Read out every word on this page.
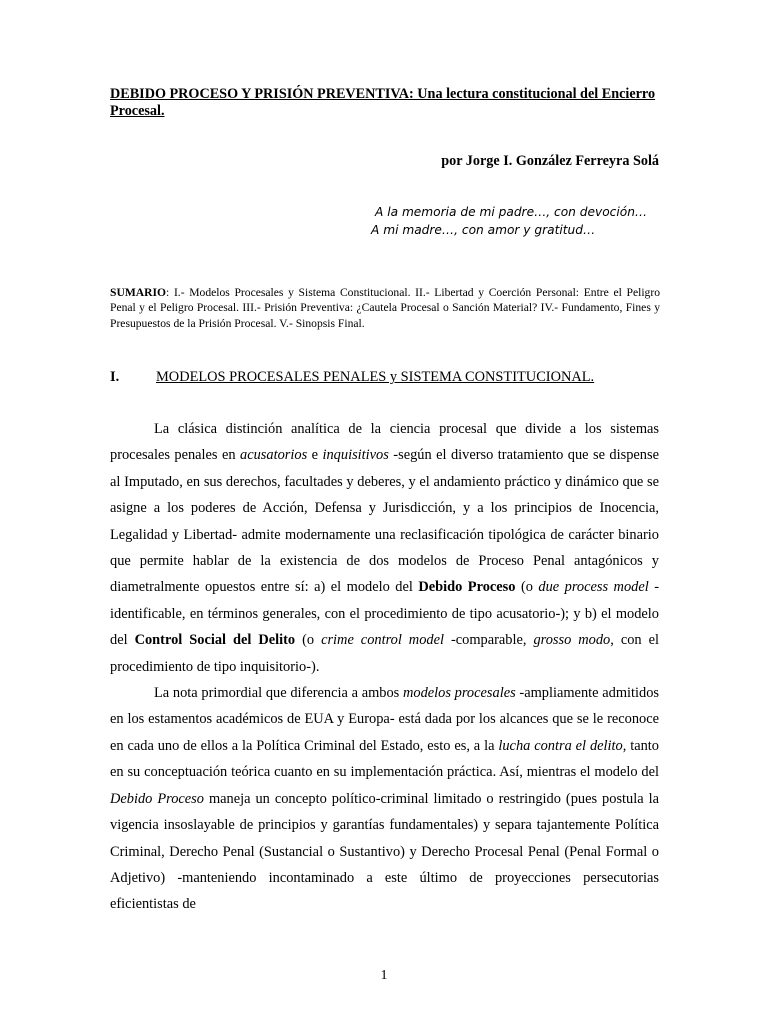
DEBIDO PROCESO Y PRISIÓN PREVENTIVA: Una lectura constitucional del Encierro Procesal.
por Jorge I. González Ferreyra Solá
A la memoria de mi padre…, con devoción…
A mi madre…, con amor y gratitud…
SUMARIO: I.- Modelos Procesales y Sistema Constitucional. II.- Libertad y Coerción Personal: Entre el Peligro Penal y el Peligro Procesal. III.- Prisión Preventiva: ¿Cautela Procesal o Sanción Material? IV.- Fundamento, Fines y Presupuestos de la Prisión Procesal. V.- Sinopsis Final.
I.	MODELOS PROCESALES PENALES y SISTEMA CONSTITUCIONAL.

La clásica distinción analítica de la ciencia procesal que divide a los sistemas procesales penales en acusatorios e inquisitivos -según el diverso tratamiento que se dispense al Imputado, en sus derechos, facultades y deberes, y el andamiento práctico y dinámico que se asigne a los poderes de Acción, Defensa y Jurisdicción, y a los principios de Inocencia, Legalidad y Libertad- admite modernamente una reclasificación tipológica de carácter binario que permite hablar de la existencia de dos modelos de Proceso Penal antagónicos y diametralmente opuestos entre sí: a) el modelo del Debido Proceso (o due process model -identificable, en términos generales, con el procedimiento de tipo acusatorio-); y b) el modelo del Control Social del Delito (o crime control model -comparable, grosso modo, con el procedimiento de tipo inquisitorio-).

La nota primordial que diferencia a ambos modelos procesales -ampliamente admitidos en los estamentos académicos de EUA y Europa- está dada por los alcances que se le reconoce en cada uno de ellos a la Política Criminal del Estado, esto es, a la lucha contra el delito, tanto en su conceptuación teórica cuanto en su implementación práctica. Así, mientras el modelo del Debido Proceso maneja un concepto político-criminal limitado o restringido (pues postula la vigencia insoslayable de principios y garantías fundamentales) y separa tajantemente Política Criminal, Derecho Penal (Sustancial o Sustantivo) y Derecho Procesal Penal (Penal Formal o Adjetivo) -manteniendo incontaminado a este último de proyecciones persecutorias eficientistas de

1
